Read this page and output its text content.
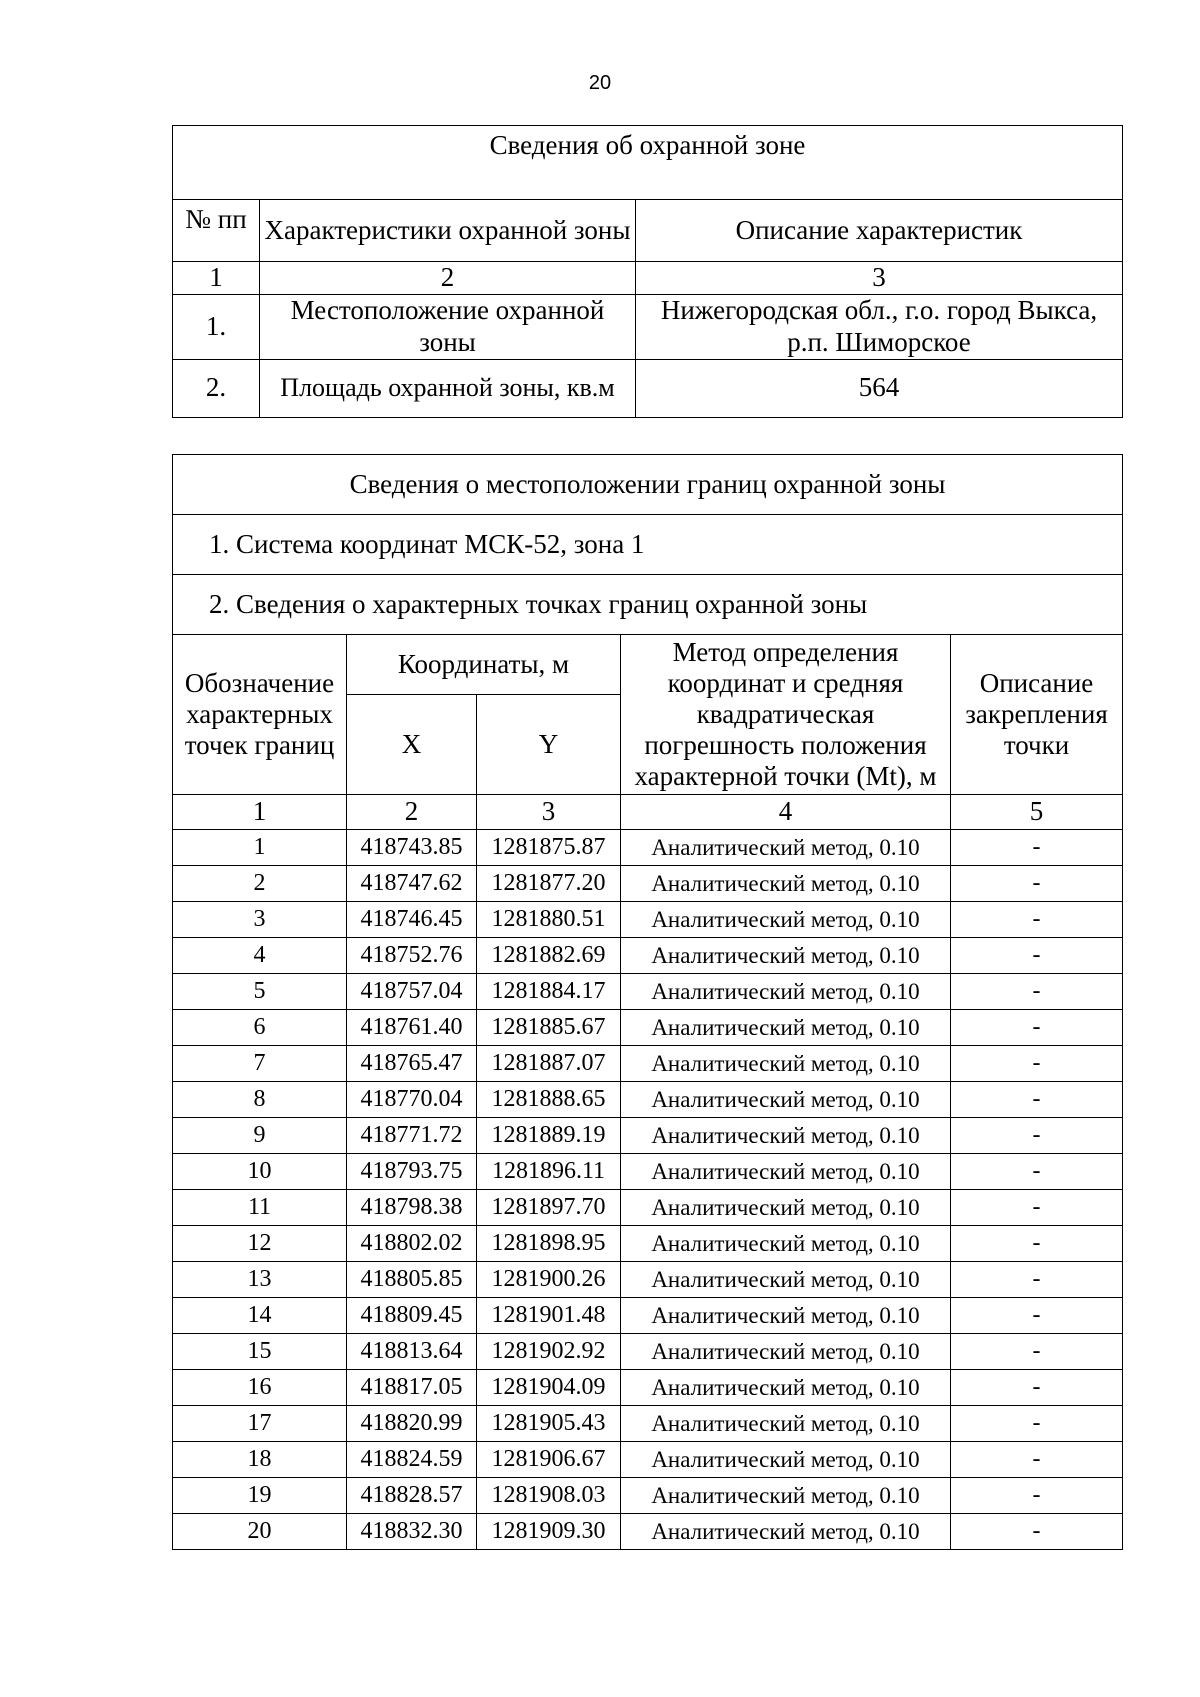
20
Сведения об охранной зоне		
№ пп	Характеристики охранной зоны	Описание характеристик
1	2	3
1.	Местоположение охранной зоны	Нижегородская обл., г.о. город Выкса, р.п. Шиморское
2.	Площадь охранной зоны, кв.м	564
Сведения о местоположении границ охранной зоны				
1. Система координат МСК-52, зона 1				
2. Сведения о характерных точках границ охранной зоны				
Обозначение характерных точек границ	Координаты, м		Метод определения координат и средняя квадратическая погрешность положения характерной точки (Mt), м	Описание закрепления точки
	X	Y		
1	2	3	4	5
1	418743.85	1281875.87	Аналитический метод, 0.10	-
2	418747.62	1281877.20	Аналитический метод, 0.10	-
3	418746.45	1281880.51	Аналитический метод, 0.10	-
4	418752.76	1281882.69	Аналитический метод, 0.10	-
5	418757.04	1281884.17	Аналитический метод, 0.10	-
6	418761.40	1281885.67	Аналитический метод, 0.10	-
7	418765.47	1281887.07	Аналитический метод, 0.10	-
8	418770.04	1281888.65	Аналитический метод, 0.10	-
9	418771.72	1281889.19	Аналитический метод, 0.10	-
10	418793.75	1281896.11	Аналитический метод, 0.10	-
11	418798.38	1281897.70	Аналитический метод, 0.10	-
12	418802.02	1281898.95	Аналитический метод, 0.10	-
13	418805.85	1281900.26	Аналитический метод, 0.10	-
14	418809.45	1281901.48	Аналитический метод, 0.10	-
15	418813.64	1281902.92	Аналитический метод, 0.10	-
16	418817.05	1281904.09	Аналитический метод, 0.10	-
17	418820.99	1281905.43	Аналитический метод, 0.10	-
18	418824.59	1281906.67	Аналитический метод, 0.10	-
19	418828.57	1281908.03	Аналитический метод, 0.10	-
20	418832.30	1281909.30	Аналитический метод, 0.10	-
